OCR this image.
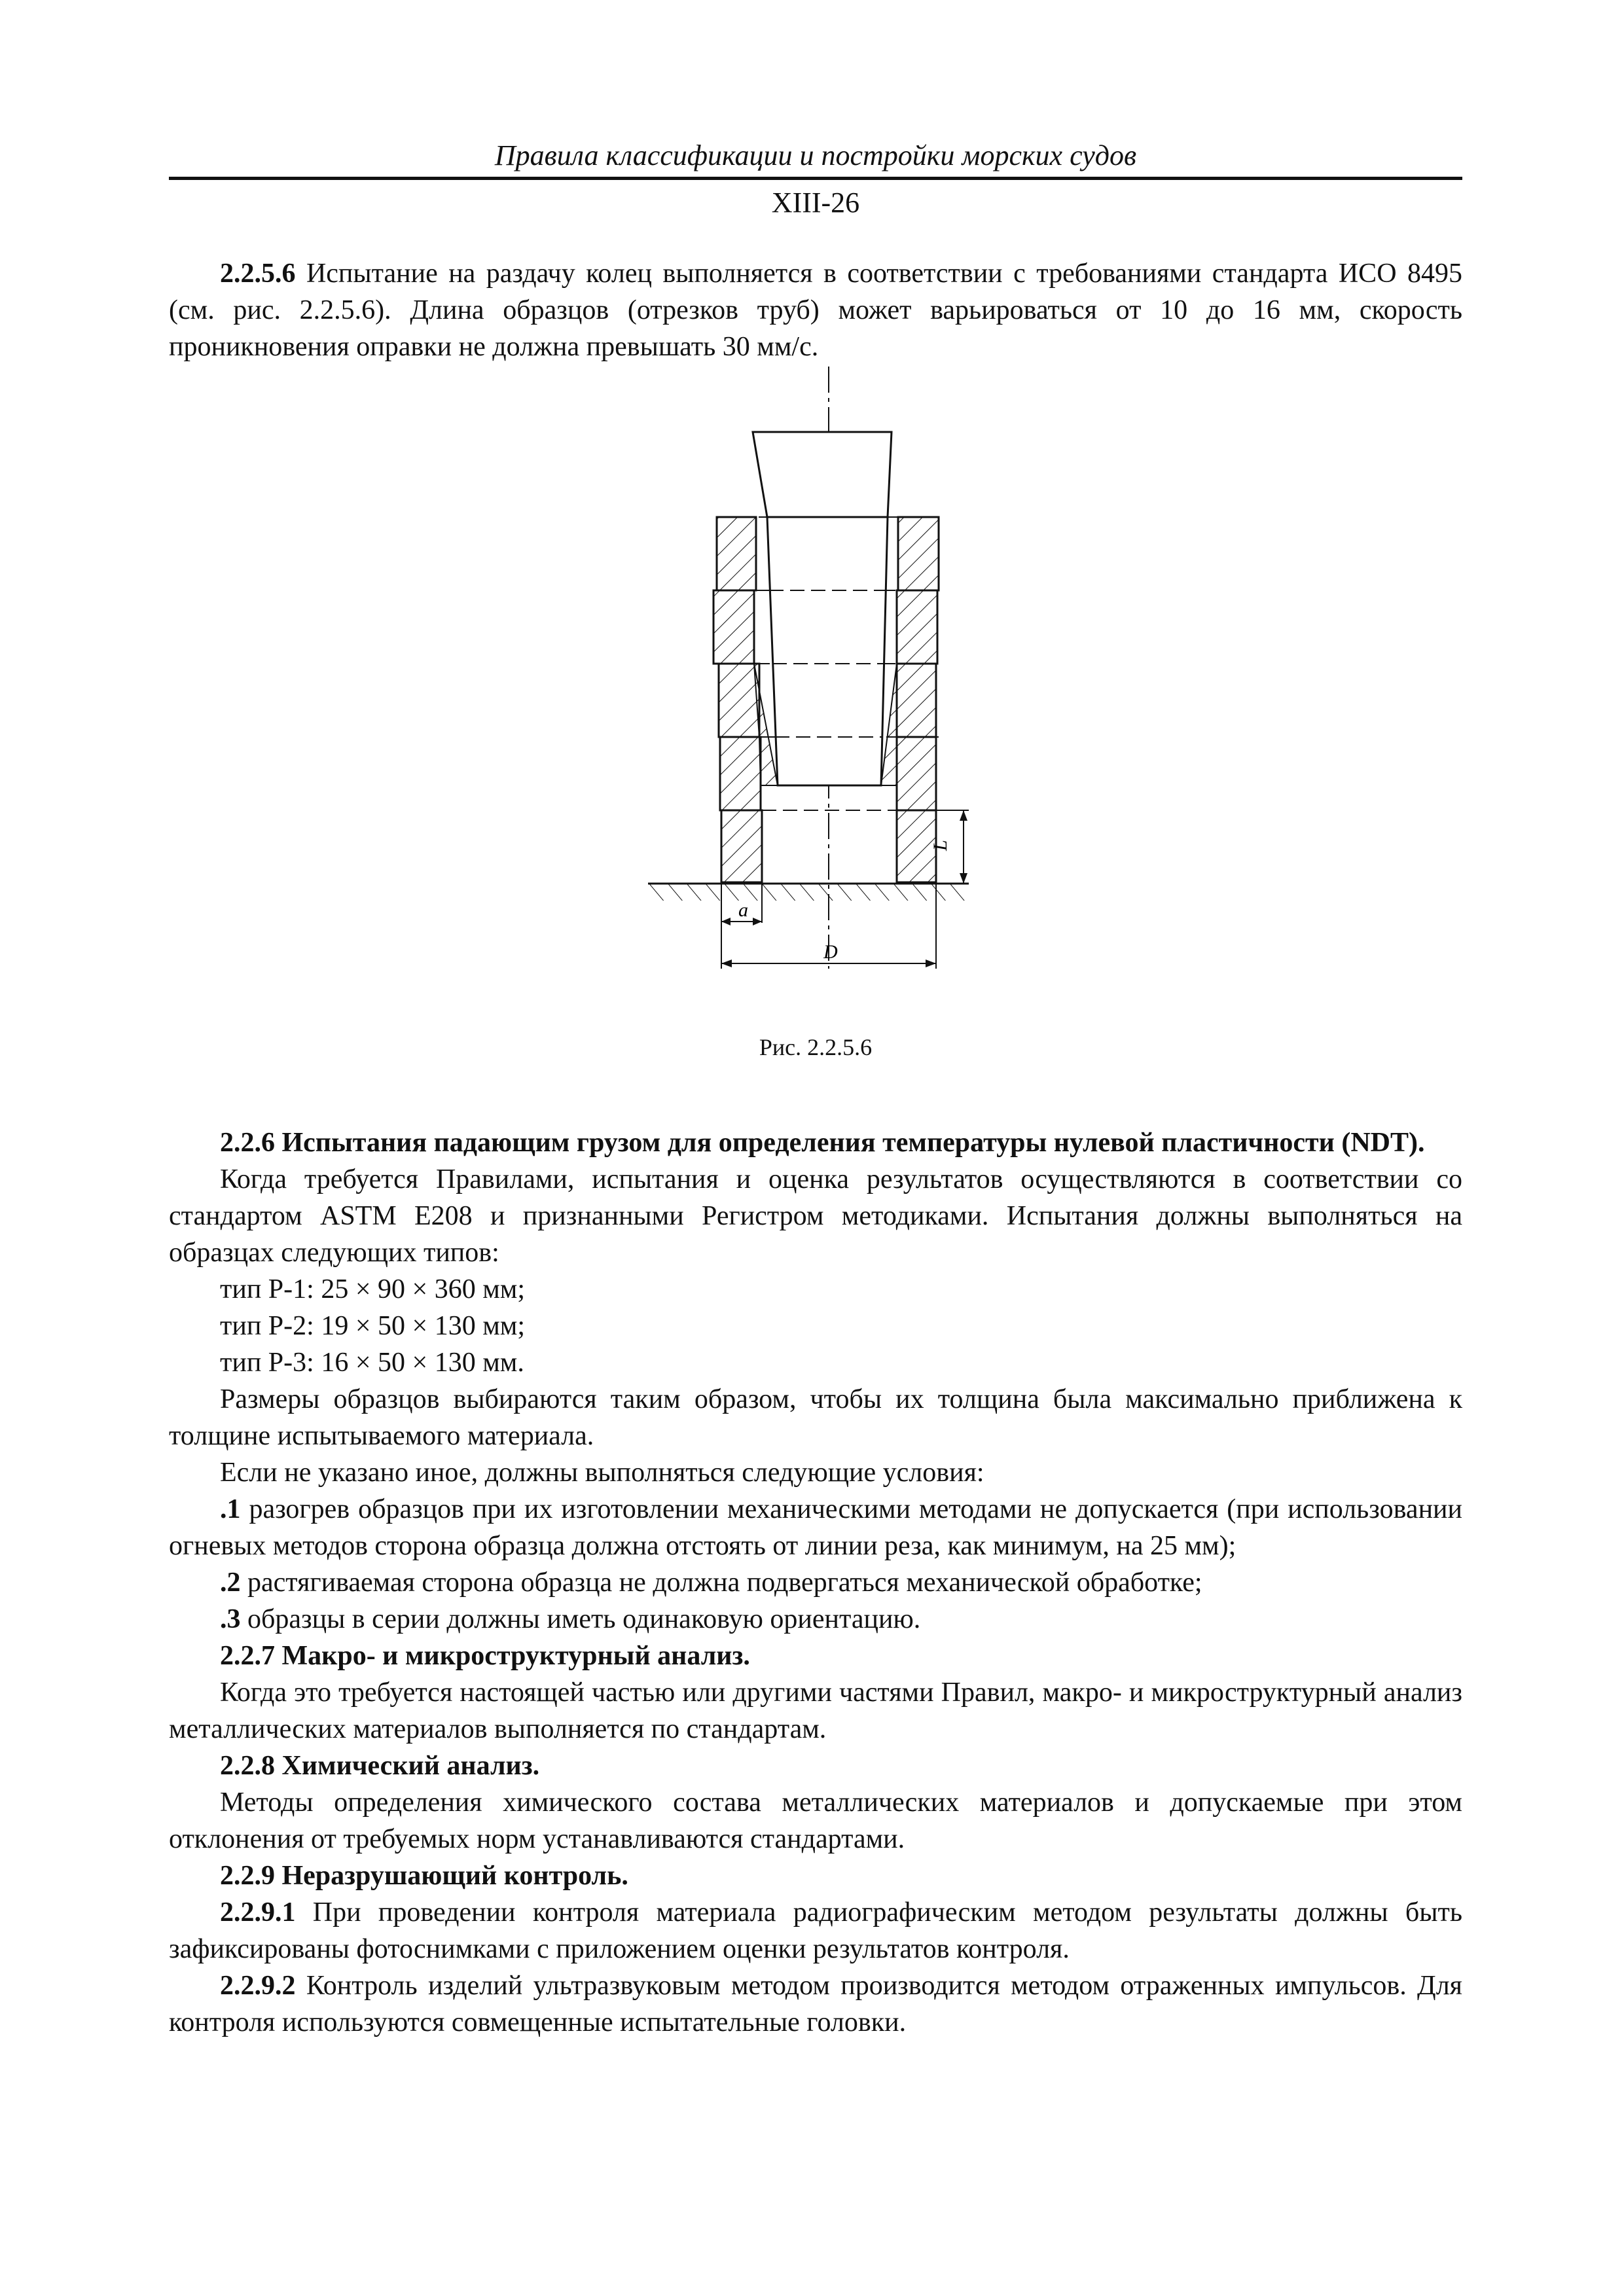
Правила классификации и постройки морских судов
XIII-26

2.2.5.6 Испытание на раздачу колец выполняется в соответствии с требованиями стандарта ИСО 8495 (см. рис. 2.2.5.6). Длина образцов (отрезков труб) может варьироваться от 10 до 16 мм, скорость проникновения оправки не должна превышать 30 мм/с.

L
a
D
Рис. 2.2.5.6

2.2.6 Испытания падающим грузом для определения температуры нулевой пластичности (NDT).

Когда требуется Правилами, испытания и оценка результатов осуществляются в соответствии со стандартом ASTM E208 и признанными Регистром методиками. Испытания должны выполняться на образцах следующих типов:

тип Р-1: 25 × 90 × 360 мм;

тип Р-2: 19 × 50 × 130 мм;

тип Р-3: 16 × 50 × 130 мм.

Размеры образцов выбираются таким образом, чтобы их толщина была максимально приближена к толщине испытываемого материала.

Если не указано иное, должны выполняться следующие условия:

.1 разогрев образцов при их изготовлении механическими методами не допускается (при использовании огневых методов сторона образца должна отстоять от линии реза, как минимум, на 25 мм);

.2 растягиваемая сторона образца не должна подвергаться механической обработке;

.3 образцы в серии должны иметь одинаковую ориентацию.

2.2.7 Макро- и микроструктурный анализ.

Когда это требуется настоящей частью или другими частями Правил, макро- и микроструктурный анализ металлических материалов выполняется по стандартам.

2.2.8 Химический анализ.

Методы определения химического состава металлических материалов и допускаемые при этом отклонения от требуемых норм устанавливаются стандартами.

2.2.9 Неразрушающий контроль.

2.2.9.1 При проведении контроля материала радиографическим методом результаты должны быть зафиксированы фотоснимками с приложением оценки результатов контроля.

2.2.9.2 Контроль изделий ультразвуковым методом производится методом отраженных импульсов. Для контроля используются совмещенные испытательные головки.
